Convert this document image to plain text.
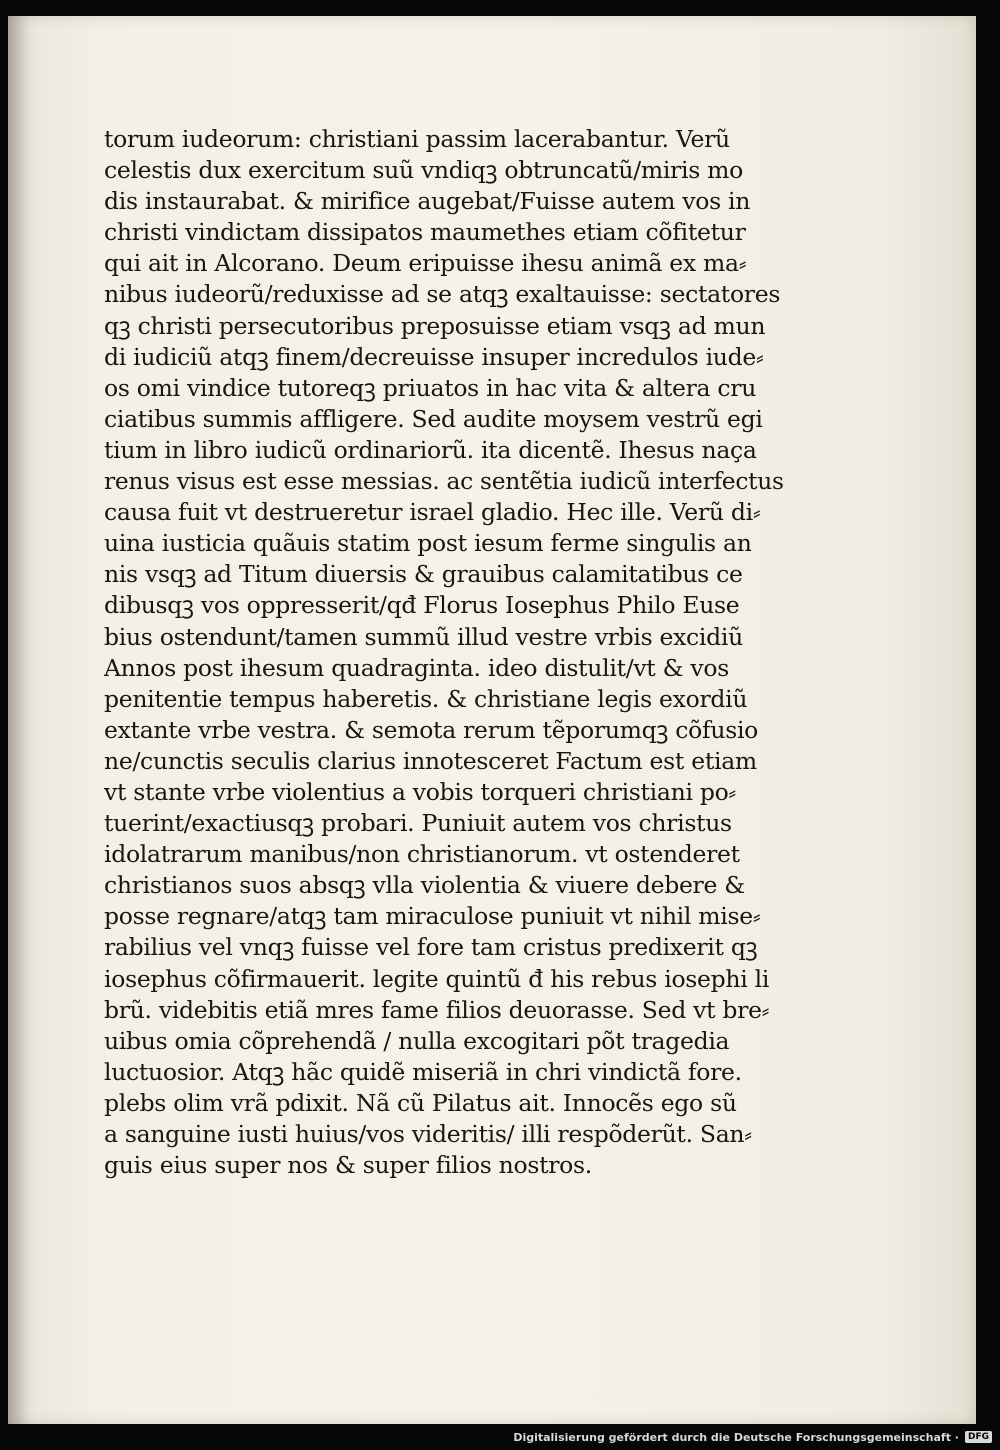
torum iudeorum: christiani passim lacerabantur. Verũ
celestis dux exercitum suũ vndiqꝫ obtruncatũ/miris mo
dis instaurabat. & mirifice augebat/Fuisse autem vos in
christi vindictam dissipatos maumethes etiam cõfitetur
qui ait in Alcorano. Deum eripuisse ihesu animã ex ma⸗
nibus iudeorũ/reduxisse ad se atqꝫ exaltauisse: sectatores
qꝫ christi persecutoribus preposuisse etiam vsqꝫ ad mun
di iudiciũ atqꝫ finem/decreuisse insuper incredulos iude⸗
os omi vindice tutoreqꝫ priuatos in hac vita & altera cru
ciatibus summis affligere. Sed audite moysem vestrũ egi
tium in libro iudicũ ordinariorũ. ita dicentẽ. Ihesus naça
renus visus est esse messias. ac sentẽtia iudicũ interfectus
causa fuit vt destrueretur israel gladio. Hec ille. Verũ di⸗
uina iusticia quãuis statim post iesum ferme singulis an
nis vsqꝫ ad Titum diuersis & grauibus calamitatibus ce
dibusqꝫ vos oppresserit/qđ Florus Iosephus Philo Euse
bius ostendunt/tamen summũ illud vestre vrbis excidiũ
Annos post ihesum quadraginta. ideo distulit/vt & vos
penitentie tempus haberetis. & christiane legis exordiũ
extante vrbe vestra. & semota rerum tẽporumqꝫ cõfusio
ne/cunctis seculis clarius innotesceret Factum est etiam
vt stante vrbe violentius a vobis torqueri christiani po⸗
tuerint/exactiusqꝫ probari. Puniuit autem vos christus
idolatrarum manibus/non christianorum. vt ostenderet
christianos suos absqꝫ vlla violentia & viuere debere &
posse regnare/atqꝫ tam miraculose puniuit vt nihil mise⸗
rabilius vel vnqꝫ fuisse vel fore tam cristus predixerit qꝫ
iosephus cõfirmauerit. legite quintũ đ his rebus iosephi li
brũ. videbitis etiã mres fame filios deuorasse. Sed vt bre⸗
uibus omia cõprehendã / nulla excogitari põt tragedia
luctuosior. Atqꝫ hãc quidẽ miseriã in chri vindictã fore.
plebs olim vrã pdixit. Nã cũ Pilatus ait. Innocẽs ego sũ
a sanguine iusti huius/vos videritis/ illi respõderũt. San⸗
guis eius super nos & super filios nostros.
Digitalisierung gefördert durch die Deutsche Forschungsgemeinschaft ·	DFG
